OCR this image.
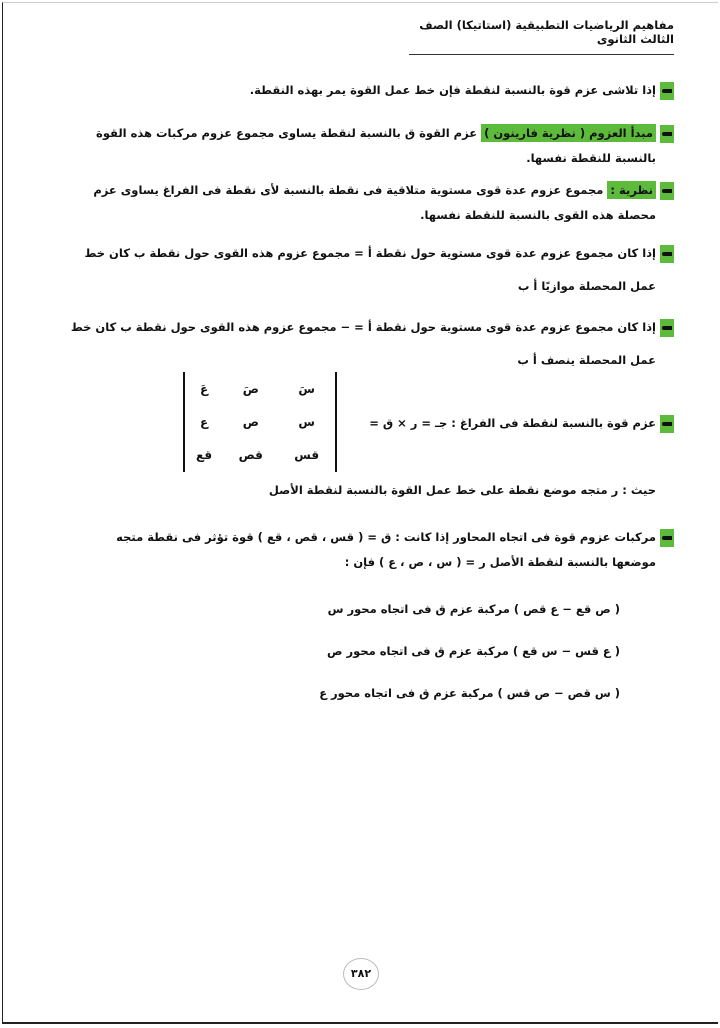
مفاهيم الرياضيات التطبيقية (استاتيكا) الصف الثالث الثانوى
إذا تلاشى عزم قوة بالنسبة لنقطة فإن خط عمل القوة يمر بهذه النقطة.
مبدأ العزوم ( نظرية فارينون ) عزم القوة ق بالنسبة لنقطة يساوى مجموع عزوم مركبات هذه القوة
بالنسبة للنقطة نفسها.
نظرية : مجموع عزوم عدة قوى مستوية متلاقية فى نقطة بالنسبة لأى نقطة فى الفراغ يساوى عزم
محصلة هذه القوى بالنسبة للنقطة نفسها.
إذا كان مجموع عزوم عدة قوى مستوية حول نقطة أ = مجموع عزوم هذه القوى حول نقطة ب كان خط
عمل المحصلة موازيًا أ ب
إذا كان مجموع عزوم عدة قوى مستوية حول نقطة أ = − مجموع عزوم هذه القوى حول نقطة ب كان خط
عمل المحصلة ينصف أ ب
عزم قوة بالنسبة لنقطة فى الفراغ : جـ = ر × ق =
سَ	صَ	عَ
س	ص	ع
قس	قص	قع
حيث : ر متجه موضع نقطة على خط عمل القوة بالنسبة لنقطة الأصل
مركبات عزوم قوة فى اتجاه المحاور إذا كانت : ق = ( قس ، قص ، قع ) قوة تؤثر فى نقطة متجه
موضعها بالنسبة لنقطة الأصل ر = ( س ، ص ، ع ) فإن :
( ص قع − ع قص ) مركبة عزم ق فى اتجاه محور س
( ع قس − س قع ) مركبة عزم ق فى اتجاه محور ص
( س قص − ص قس ) مركبة عزم ق فى اتجاه محور ع
٣٨٢
